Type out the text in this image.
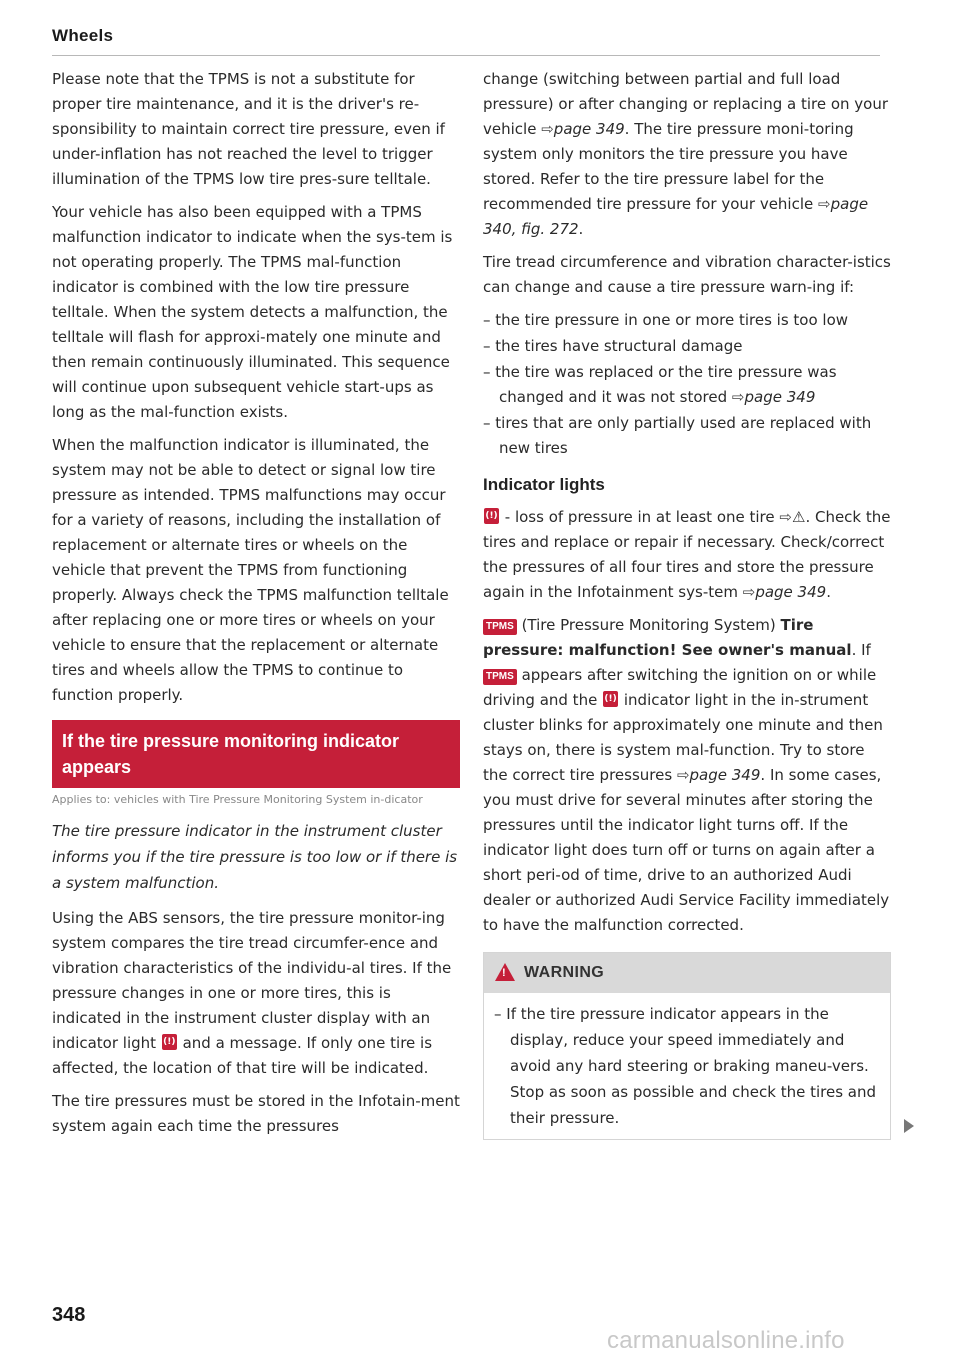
Wheels

Please note that the TPMS is not a substitute for proper tire maintenance, and it is the driver's re-sponsibility to maintain correct tire pressure, even if under-inflation has not reached the level to trigger illumination of the TPMS low tire pres-sure telltale.

Your vehicle has also been equipped with a TPMS malfunction indicator to indicate when the sys-tem is not operating properly. The TPMS mal-function indicator is combined with the low tire pressure telltale. When the system detects a malfunction, the telltale will flash for approxi-mately one minute and then remain continuously illuminated. This sequence will continue upon subsequent vehicle start-ups as long as the mal-function exists.

When the malfunction indicator is illuminated, the system may not be able to detect or signal low tire pressure as intended. TPMS malfunctions may occur for a variety of reasons, including the installation of replacement or alternate tires or wheels on the vehicle that prevent the TPMS from functioning properly. Always check the TPMS malfunction telltale after replacing one or more tires or wheels on your vehicle to ensure that the replacement or alternate tires and wheels allow the TPMS to continue to function properly.

If the tire pressure monitoring indicator appears
Applies to: vehicles with Tire Pressure Monitoring System in-dicator

The tire pressure indicator in the instrument cluster informs you if the tire pressure is too low or if there is a system malfunction.

Using the ABS sensors, the tire pressure monitor-ing system compares the tire tread circumfer-ence and vibration characteristics of the individu-al tires. If the pressure changes in one or more tires, this is indicated in the instrument cluster display with an indicator light (!) and a message. If only one tire is affected, the location of that tire will be indicated.

The tire pressures must be stored in the Infotain-ment system again each time the pressures

change (switching between partial and full load pressure) or after changing or replacing a tire on your vehicle ⇨page 349. The tire pressure moni-toring system only monitors the tire pressure you have stored. Refer to the tire pressure label for the recommended tire pressure for your vehicle ⇨page 340, fig. 272.

Tire tread circumference and vibration character-istics can change and cause a tire pressure warn-ing if:

– the tire pressure in one or more tires is too low
– the tires have structural damage
– the tire was replaced or the tire pressure was changed and it was not stored ⇨page 349
– tires that are only partially used are replaced with new tires
Indicator lights

(!) - loss of pressure in at least one tire ⇨⚠. Check the tires and replace or repair if necessary. Check/correct the pressures of all four tires and store the pressure again in the Infotainment sys-tem ⇨page 349.

TPMS (Tire Pressure Monitoring System) Tire pressure: malfunction! See owner's manual. If TPMS appears after switching the ignition on or while driving and the (!) indicator light in the in-strument cluster blinks for approximately one minute and then stays on, there is system mal-function. Try to store the correct tire pressures ⇨page 349. In some cases, you must drive for several minutes after storing the pressures until the indicator light turns off. If the indicator light does turn off or turns on again after a short peri-od of time, drive to an authorized Audi dealer or authorized Audi Service Facility immediately to have the malfunction corrected.

!
WARNING
– If the tire pressure indicator appears in the display, reduce your speed immediately and avoid any hard steering or braking maneu-vers. Stop as soon as possible and check the tires and their pressure.
348
carmanualsonline.info
